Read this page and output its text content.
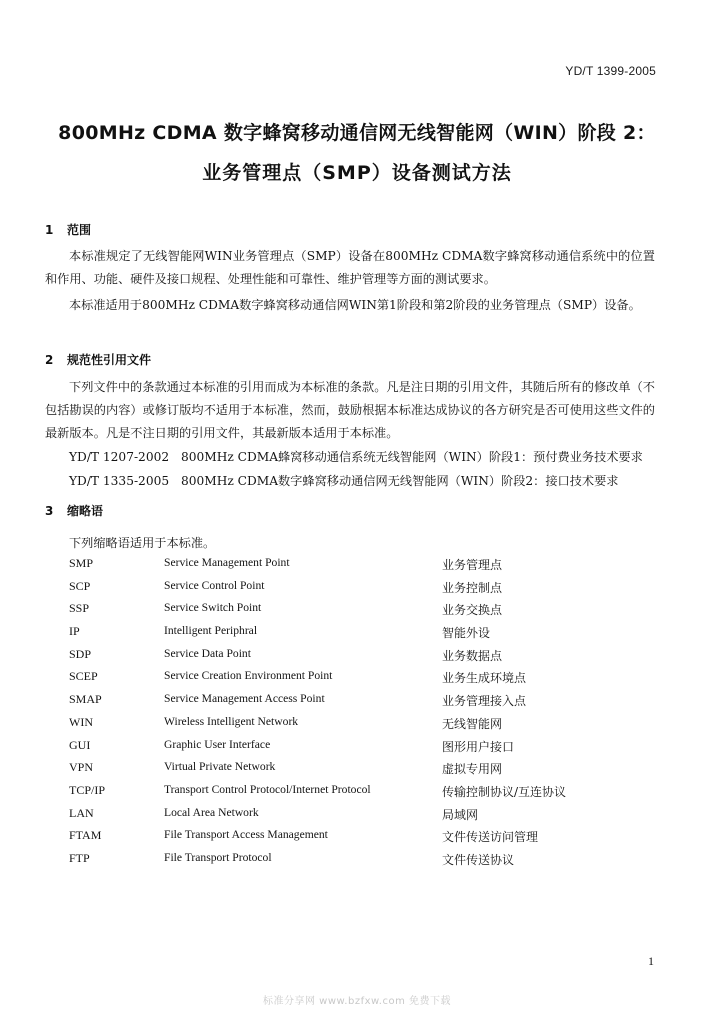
YD/T 1399-2005
800MHz CDMA 数字蜂窝移动通信网无线智能网（WIN）阶段 2：
业务管理点（SMP）设备测试方法
1 范围
本标准规定了无线智能网WIN业务管理点（SMP）设备在800MHz CDMA数字蜂窝移动通信系统中的位置和作用、功能、硬件及接口规程、处理性能和可靠性、维护管理等方面的测试要求。
本标准适用于800MHz CDMA数字蜂窝移动通信网WIN第1阶段和第2阶段的业务管理点（SMP）设备。
2 规范性引用文件
下列文件中的条款通过本标准的引用而成为本标准的条款。凡是注日期的引用文件，其随后所有的修改单（不包括勘误的内容）或修订版均不适用于本标准，然而，鼓励根据本标准达成协议的各方研究是否可使用这些文件的最新版本。凡是不注日期的引用文件，其最新版本适用于本标准。
YD/T 1207-2002 800MHz CDMA蜂窝移动通信系统无线智能网（WIN）阶段1：预付费业务技术要求
YD/T 1335-2005 800MHz CDMA数字蜂窝移动通信网无线智能网（WIN）阶段2：接口技术要求
3 缩略语
下列缩略语适用于本标准。
SMP	Service Management Point	业务管理点
SCP	Service Control Point	业务控制点
SSP	Service Switch Point	业务交换点
IP	Intelligent Periphral	智能外设
SDP	Service Data Point	业务数据点
SCEP	Service Creation Environment Point	业务生成环境点
SMAP	Service Management Access Point	业务管理接入点
WIN	Wireless Intelligent Network	无线智能网
GUI	Graphic User Interface	图形用户接口
VPN	Virtual Private Network	虚拟专用网
TCP/IP	Transport Control Protocol/Internet Protocol	传输控制协议/互连协议
LAN	Local Area Network	局域网
FTAM	File Transport Access Management	文件传送访问管理
FTP	File Transport Protocol	文件传送协议
1
标准分享网 www.bzfxw.com 免费下载
